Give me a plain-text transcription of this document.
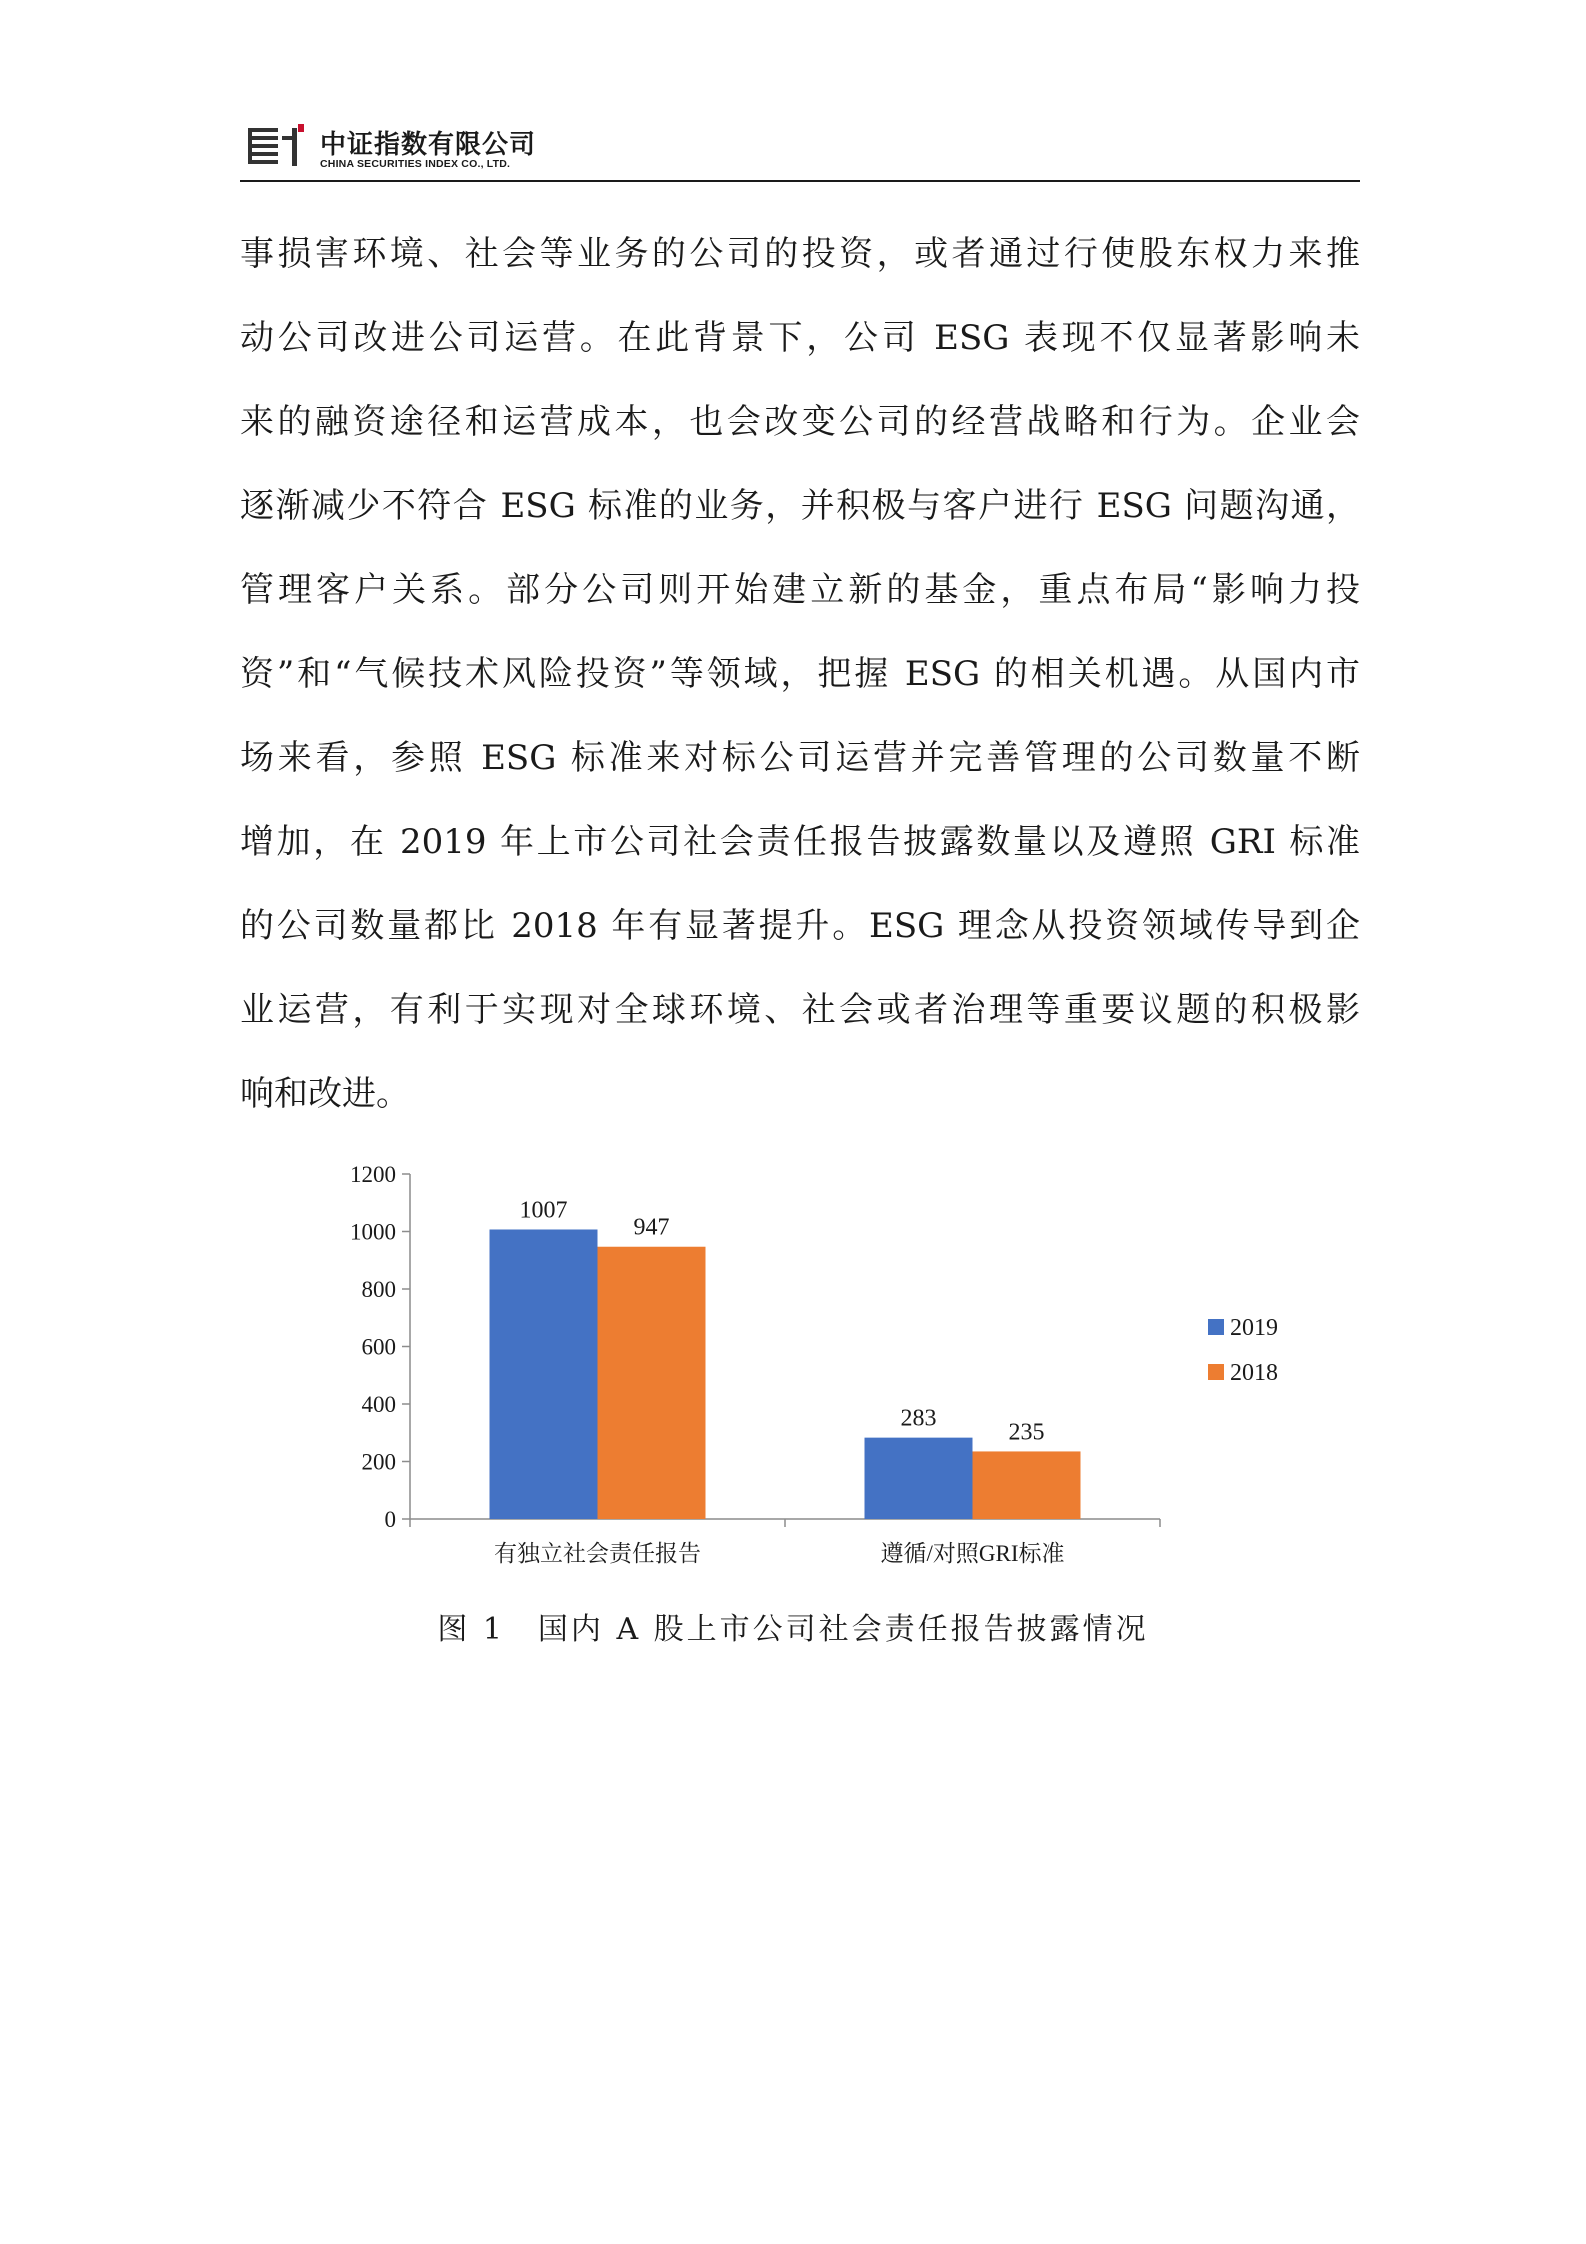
中证指数有限公司
CHINA SECURITIES INDEX CO., LTD.
事损害环境、社会等业务的公司的投资，或者通过行使股东权力来推
动公司改进公司运营。在此背景下，公司 ESG 表现不仅显著影响未
来的融资途径和运营成本，也会改变公司的经营战略和行为。企业会
逐渐减少不符合 ESG 标准的业务，并积极与客户进行 ESG 问题沟通，
管理客户关系。部分公司则开始建立新的基金，重点布局“影响力投
资”和“气候技术风险投资”等领域，把握 ESG 的相关机遇。从国内市
场来看，参照 ESG 标准来对标公司运营并完善管理的公司数量不断
增加，在 2019 年上市公司社会责任报告披露数量以及遵照 GRI 标准
的公司数量都比 2018 年有显著提升。ESG 理念从投资领域传导到企
业运营，有利于实现对全球环境、社会或者治理等重要议题的积极影
响和改进。
0
200
400
600
800
1000
1200
1007
947
有独立社会责任报告
283
235
遵循/对照GRI标准
2019
2018
图 1　国内 A 股上市公司社会责任报告披露情况
